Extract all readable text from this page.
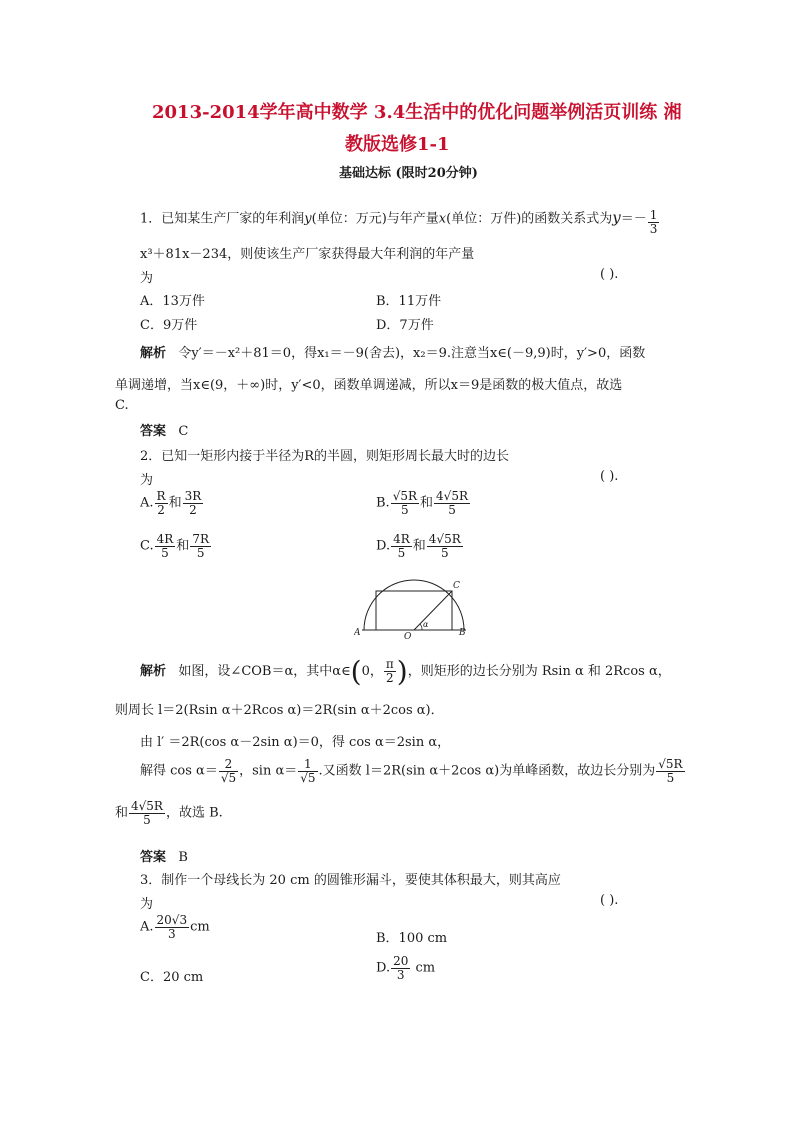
2013-2014学年高中数学 3.4生活中的优化问题举例活页训练 湘
教版选修1-1
基础达标 (限时20分钟)
1．已知某生产厂家的年利润y(单位：万元)与年产量x(单位：万件)的函数关系式为$y=- \frac{1}{3}$
x³＋81x－234，则使该生产厂家获得最大年利润的年产量
为	( ).
A．13万件	B．11万件
C．9万件	D．7万件
解析 令y′＝－x²＋81＝0，得x₁＝－9(舍去)，x₂＝9.注意当x∈(－9,9)时，y′>0，函数
单调递增，当x∈(9，＋∞)时，y′<0，函数单调递减，所以x＝9是函数的极大值点，故选
C.
答案 C
2．已知一矩形内接于半径为R的半圆，则矩形周长最大时的边长
为	( ).
A. $\frac{R}{2}$ 和 $\frac{3R}{2}$	B. $\frac{√5R}{5}$ 和 $\frac{4√5R}{5}$
C. $\frac{4R}{5}$ 和 $\frac{7R}{5}$	D. $\frac{4R}{5}$ 和 $\frac{4√5R}{5}$
A	B
C
O
α
解析 如图，设∠COB＝α，其中α∈(0， $\frac{\pi}{2}$ )，则矩形的边长分别为 Rsin α 和 2Rcos α，
则周长 l＝2(Rsin α＋2Rcos α)＝2R(sin α＋2cos α)．
由 l′ ＝2R(cos α－2sin α)＝0，得 cos α＝2sin α，
解得 $\cos \alpha= \frac{2}{√5}$ ，$\sin \alpha= \frac{1}{√5}$ .又函数 l＝2R(sin α＋2cos α)为单峰函数，故边长分别为 $\frac{√5R}{5}$
和 $\frac{4√5R}{5}$ ，故选 B.
答案 B
3．制作一个母线长为 20 cm 的圆锥形漏斗，要使其体积最大，则其高应
为	( ).
A. $\frac{20√3}{3}$ cm
B．100 cm
C．20 cm
D. $\frac{20}{3}$ cm
